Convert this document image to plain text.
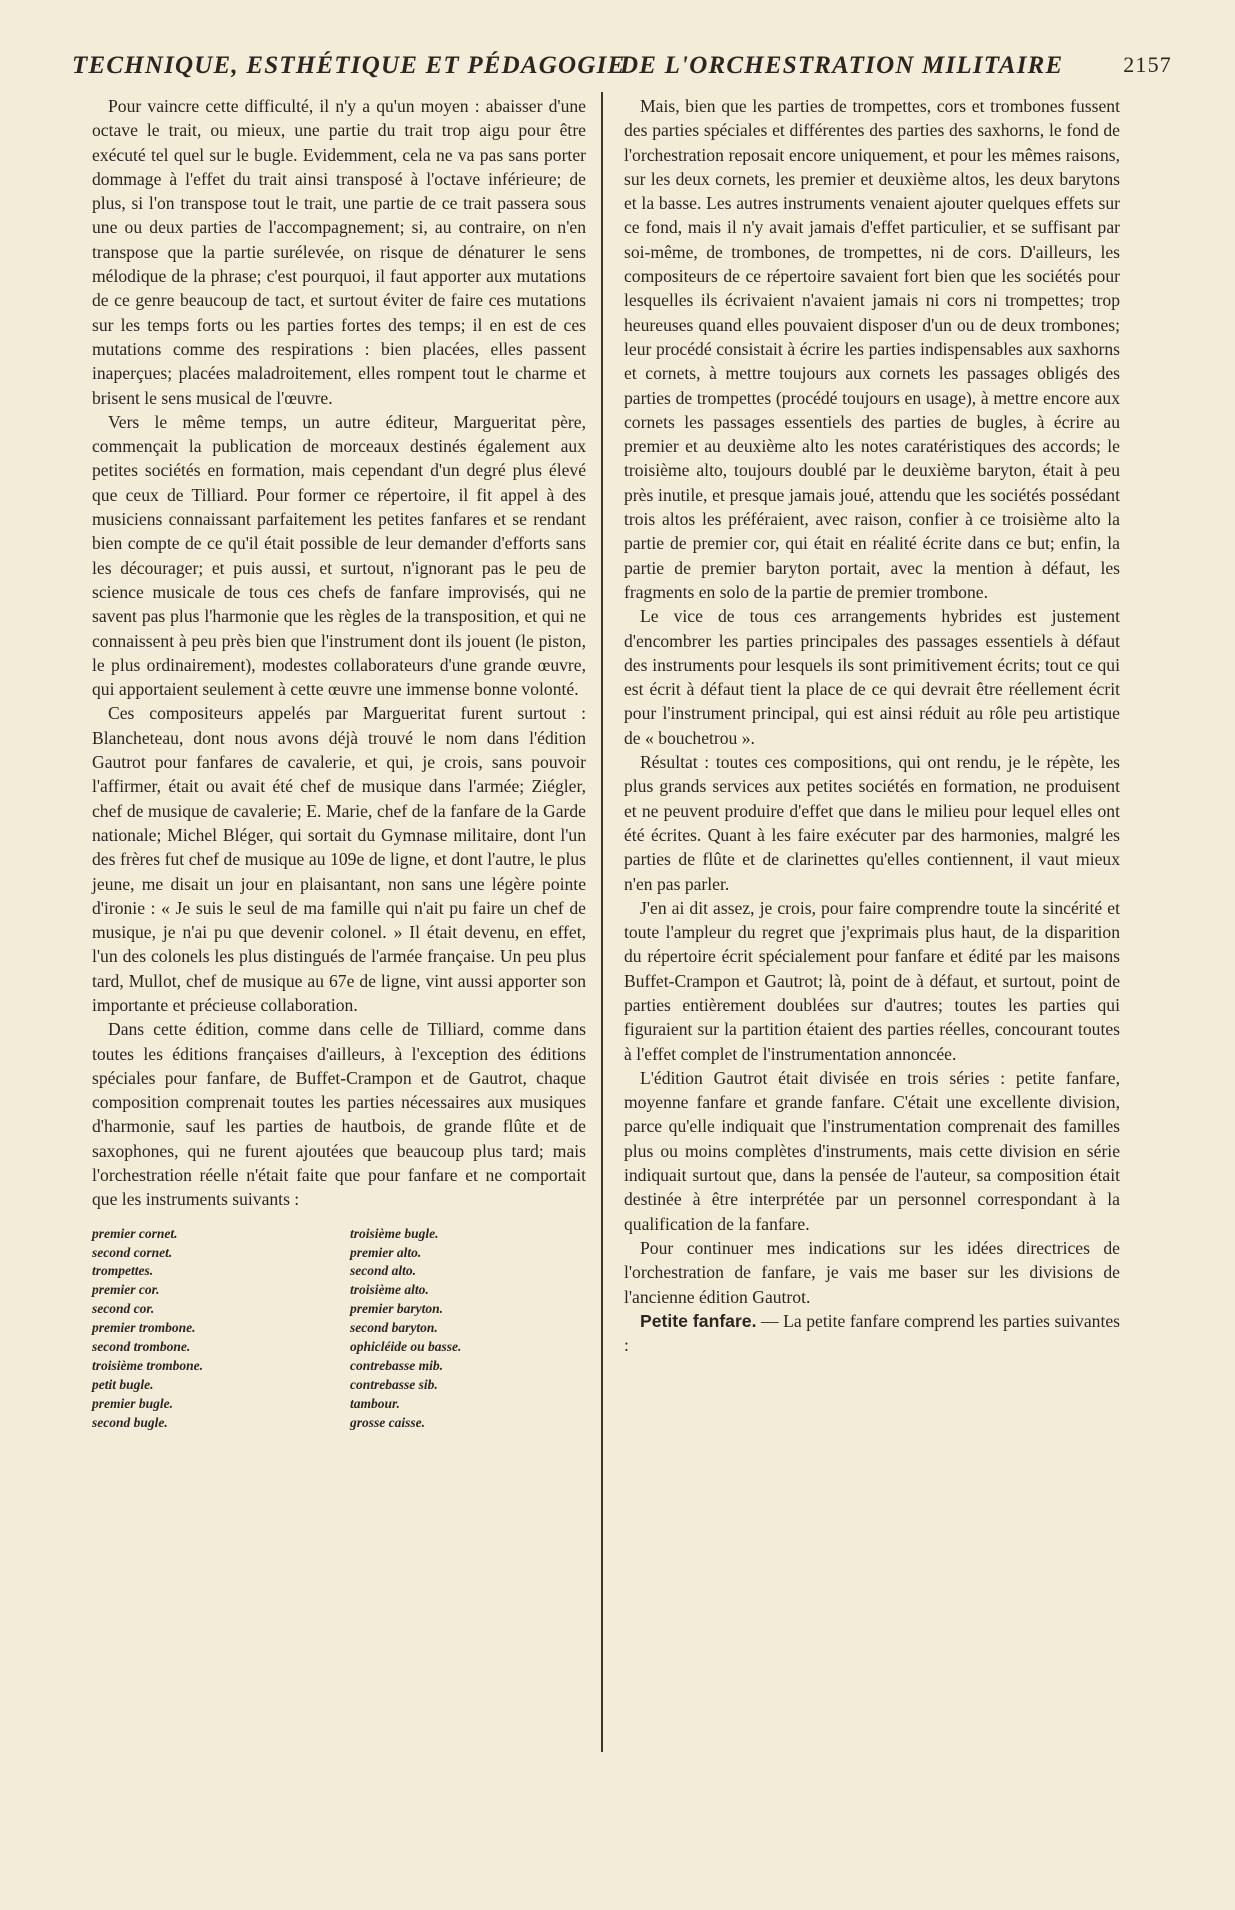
TECHNIQUE, ESTHÉTIQUE ET PÉDAGOGIE
DE L'ORCHESTRATION MILITAIRE	2157

Pour vaincre cette difficulté, il n'y a qu'un moyen : abaisser d'une octave le trait, ou mieux, une partie du trait trop aigu pour être exécuté tel quel sur le bugle. Evidemment, cela ne va pas sans porter dommage à l'effet du trait ainsi transposé à l'octave inférieure; de plus, si l'on transpose tout le trait, une partie de ce trait passera sous une ou deux parties de l'accompagnement; si, au contraire, on n'en transpose que la partie surélevée, on risque de dénaturer le sens mélodique de la phrase; c'est pourquoi, il faut apporter aux mutations de ce genre beaucoup de tact, et surtout éviter de faire ces mutations sur les temps forts ou les parties fortes des temps; il en est de ces mutations comme des respirations : bien placées, elles passent inaperçues; placées maladroitement, elles rompent tout le charme et brisent le sens musical de l'œuvre.

Vers le même temps, un autre éditeur, Margueritat père, commençait la publication de morceaux destinés également aux petites sociétés en formation, mais cependant d'un degré plus élevé que ceux de Tilliard. Pour former ce répertoire, il fit appel à des musiciens connaissant parfaitement les petites fanfares et se rendant bien compte de ce qu'il était possible de leur demander d'efforts sans les décourager; et puis aussi, et surtout, n'ignorant pas le peu de science musicale de tous ces chefs de fanfare improvisés, qui ne savent pas plus l'harmonie que les règles de la transposition, et qui ne connaissent à peu près bien que l'instrument dont ils jouent (le piston, le plus ordinairement), modestes collaborateurs d'une grande œuvre, qui apportaient seulement à cette œuvre une immense bonne volonté.

Ces compositeurs appelés par Margueritat furent surtout : Blancheteau, dont nous avons déjà trouvé le nom dans l'édition Gautrot pour fanfares de cavalerie, et qui, je crois, sans pouvoir l'affirmer, était ou avait été chef de musique dans l'armée; Ziégler, chef de musique de cavalerie; E. Marie, chef de la fanfare de la Garde nationale; Michel Bléger, qui sortait du Gymnase militaire, dont l'un des frères fut chef de musique au 109e de ligne, et dont l'autre, le plus jeune, me disait un jour en plaisantant, non sans une légère pointe d'ironie : « Je suis le seul de ma famille qui n'ait pu faire un chef de musique, je n'ai pu que devenir colonel. » Il était devenu, en effet, l'un des colonels les plus distingués de l'armée française. Un peu plus tard, Mullot, chef de musique au 67e de ligne, vint aussi apporter son importante et précieuse collaboration.

Dans cette édition, comme dans celle de Tilliard, comme dans toutes les éditions françaises d'ailleurs, à l'exception des éditions spéciales pour fanfare, de Buffet-Crampon et de Gautrot, chaque composition comprenait toutes les parties nécessaires aux musiques d'harmonie, sauf les parties de hautbois, de grande flûte et de saxophones, qui ne furent ajoutées que beaucoup plus tard; mais l'orchestration réelle n'était faite que pour fanfare et ne comportait que les instruments suivants :

premier cornet.
second cornet.
trompettes.
premier cor.
second cor.
premier trombone.
second trombone.
troisième trombone.
petit bugle.
premier bugle.
second bugle.
troisième bugle.
premier alto.
second alto.
troisième alto.
premier baryton.
second baryton.
ophicléide ou basse.
contrebasse mib.
contrebasse sib.
tambour.
grosse caisse.

Mais, bien que les parties de trompettes, cors et trombones fussent des parties spéciales et différentes des parties des saxhorns, le fond de l'orchestration reposait encore uniquement, et pour les mêmes raisons, sur les deux cornets, les premier et deuxième altos, les deux barytons et la basse. Les autres instruments venaient ajouter quelques effets sur ce fond, mais il n'y avait jamais d'effet particulier, et se suffisant par soi-même, de trombones, de trompettes, ni de cors. D'ailleurs, les compositeurs de ce répertoire savaient fort bien que les sociétés pour lesquelles ils écrivaient n'avaient jamais ni cors ni trompettes; trop heureuses quand elles pouvaient disposer d'un ou de deux trombones; leur procédé consistait à écrire les parties indispensables aux saxhorns et cornets, à mettre toujours aux cornets les passages obligés des parties de trompettes (procédé toujours en usage), à mettre encore aux cornets les passages essentiels des parties de bugles, à écrire au premier et au deuxième alto les notes caratéristiques des accords; le troisième alto, toujours doublé par le deuxième baryton, était à peu près inutile, et presque jamais joué, attendu que les sociétés possédant trois altos les préféraient, avec raison, confier à ce troisième alto la partie de premier cor, qui était en réalité écrite dans ce but; enfin, la partie de premier baryton portait, avec la mention à défaut, les fragments en solo de la partie de premier trombone.

Le vice de tous ces arrangements hybrides est justement d'encombrer les parties principales des passages essentiels à défaut des instruments pour lesquels ils sont primitivement écrits; tout ce qui est écrit à défaut tient la place de ce qui devrait être réellement écrit pour l'instrument principal, qui est ainsi réduit au rôle peu artistique de « bouchetrou ».

Résultat : toutes ces compositions, qui ont rendu, je le répète, les plus grands services aux petites sociétés en formation, ne produisent et ne peuvent produire d'effet que dans le milieu pour lequel elles ont été écrites. Quant à les faire exécuter par des harmonies, malgré les parties de flûte et de clarinettes qu'elles contiennent, il vaut mieux n'en pas parler.

J'en ai dit assez, je crois, pour faire comprendre toute la sincérité et toute l'ampleur du regret que j'exprimais plus haut, de la disparition du répertoire écrit spécialement pour fanfare et édité par les maisons Buffet-Crampon et Gautrot; là, point de à défaut, et surtout, point de parties entièrement doublées sur d'autres; toutes les parties qui figuraient sur la partition étaient des parties réelles, concourant toutes à l'effet complet de l'instrumentation annoncée.

L'édition Gautrot était divisée en trois séries : petite fanfare, moyenne fanfare et grande fanfare. C'était une excellente division, parce qu'elle indiquait que l'instrumentation comprenait des familles plus ou moins complètes d'instruments, mais cette division en série indiquait surtout que, dans la pensée de l'auteur, sa composition était destinée à être interprétée par un personnel correspondant à la qualification de la fanfare.

Pour continuer mes indications sur les idées directrices de l'orchestration de fanfare, je vais me baser sur les divisions de l'ancienne édition Gautrot.

Petite fanfare. — La petite fanfare comprend les parties suivantes :
